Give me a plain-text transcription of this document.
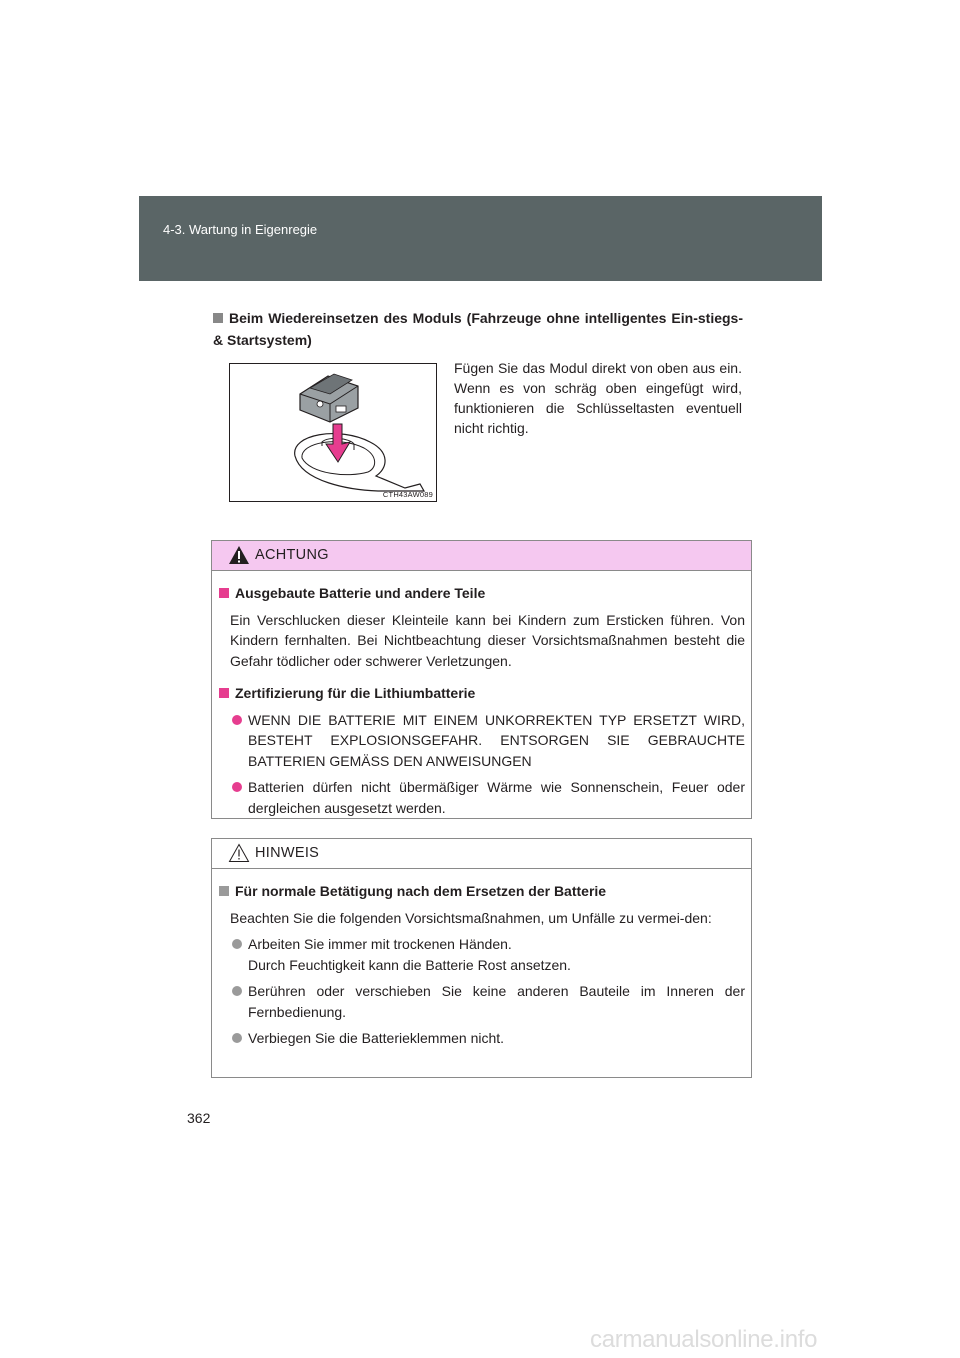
4-3. Wartung in Eigenregie
Beim Wiedereinsetzen des Moduls (Fahrzeuge ohne intelligentes Ein-stiegs- & Startsystem)
CTH43AW089
Fügen Sie das Modul direkt von oben aus ein. Wenn es von schräg oben eingefügt wird, funktionieren die Schlüsseltasten eventuell nicht richtig.
ACHTUNG
Ausgebaute Batterie und andere Teile
Ein Verschlucken dieser Kleinteile kann bei Kindern zum Ersticken führen. Von Kindern fernhalten. Bei Nichtbeachtung dieser Vorsichtsmaßnahmen besteht die Gefahr tödlicher oder schwerer Verletzungen.
Zertifizierung für die Lithiumbatterie
WENN DIE BATTERIE MIT EINEM UNKORREKTEN TYP ERSETZT WIRD, BESTEHT EXPLOSIONSGEFAHR. ENTSORGEN SIE GEBRAUCHTE BATTERIEN GEMÄSS DEN ANWEISUNGEN
Batterien dürfen nicht übermäßiger Wärme wie Sonnenschein, Feuer oder dergleichen ausgesetzt werden.
HINWEIS
Für normale Betätigung nach dem Ersetzen der Batterie
Beachten Sie die folgenden Vorsichtsmaßnahmen, um Unfälle zu vermei-den:
Arbeiten Sie immer mit trockenen Händen.
Durch Feuchtigkeit kann die Batterie Rost ansetzen.
Berühren oder verschieben Sie keine anderen Bauteile im Inneren der Fernbedienung.
Verbiegen Sie die Batterieklemmen nicht.
362
carmanualsonline.info
